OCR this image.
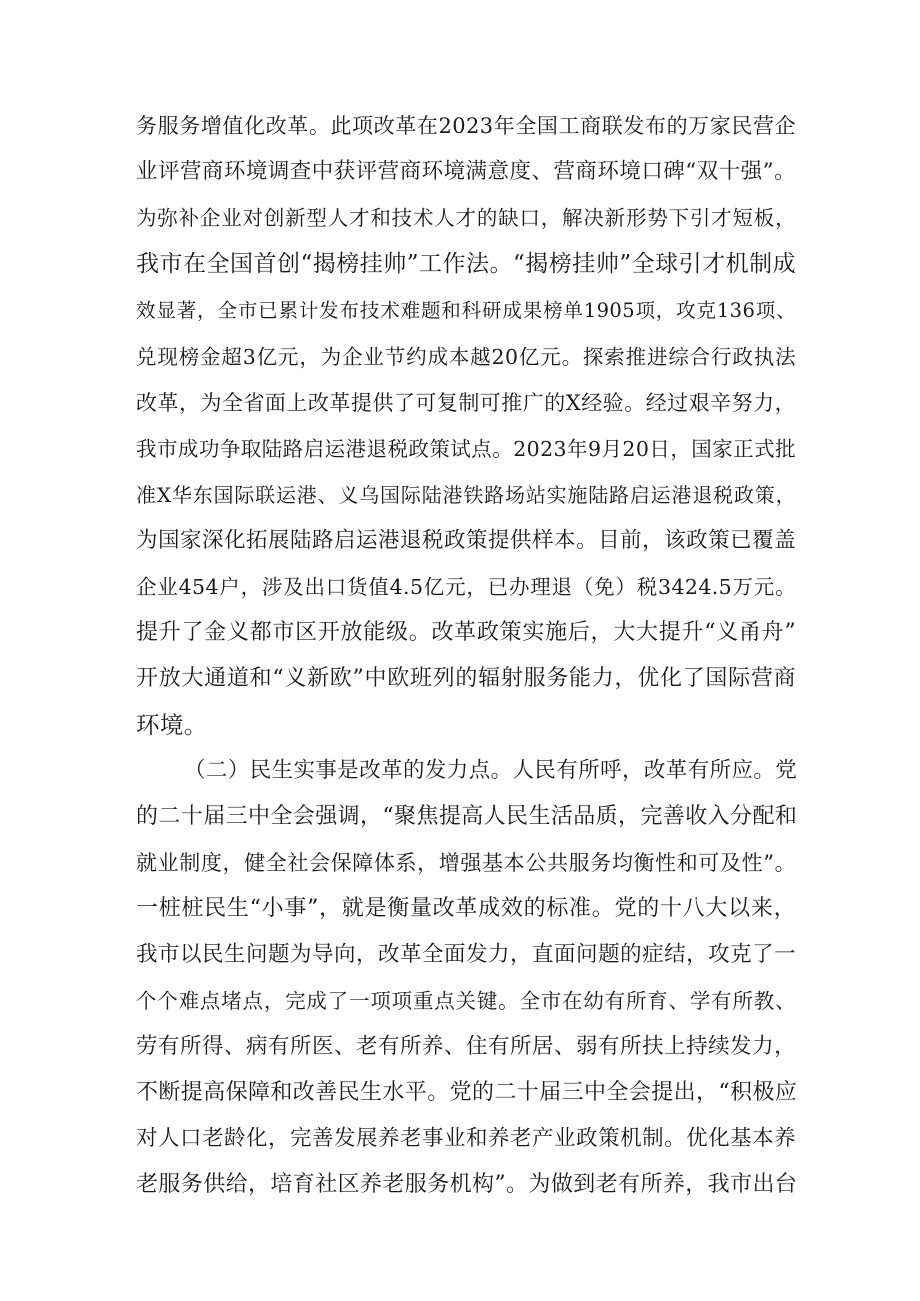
务服务增值化改革。此项改革在2023年全国工商联发布的万家民营企
业评营商环境调查中获评营商环境满意度、营商环境口碑“双十强”。
为弥补企业对创新型人才和技术人才的缺口，解决新形势下引才短板，
我市在全国首创“揭榜挂帅”工作法。“揭榜挂帅”全球引才机制成
效显著，全市已累计发布技术难题和科研成果榜单1905项，攻克136项、
兑现榜金超3亿元，为企业节约成本越20亿元。探索推进综合行政执法
改革，为全省面上改革提供了可复制可推广的X经验。经过艰辛努力，
我市成功争取陆路启运港退税政策试点。2023年9月20日，国家正式批
准X华东国际联运港、义乌国际陆港铁路场站实施陆路启运港退税政策，
为国家深化拓展陆路启运港退税政策提供样本。目前，该政策已覆盖
企业454户，涉及出口货值4.5亿元，已办理退（免）税3424.5万元。
提升了金义都市区开放能级。改革政策实施后，大大提升“义甬舟”
开放大通道和“义新欧”中欧班列的辐射服务能力，优化了国际营商
环境。
（二）民生实事是改革的发力点。人民有所呼，改革有所应。党
的二十届三中全会强调，“聚焦提高人民生活品质，完善收入分配和
就业制度，健全社会保障体系，增强基本公共服务均衡性和可及性”。
一桩桩民生“小事”，就是衡量改革成效的标准。党的十八大以来，
我市以民生问题为导向，改革全面发力，直面问题的症结，攻克了一
个个难点堵点，完成了一项项重点关键。全市在幼有所育、学有所教、
劳有所得、病有所医、老有所养、住有所居、弱有所扶上持续发力，
不断提高保障和改善民生水平。党的二十届三中全会提出，“积极应
对人口老龄化，完善发展养老事业和养老产业政策机制。优化基本养
老服务供给，培育社区养老服务机构”。为做到老有所养，我市出台
